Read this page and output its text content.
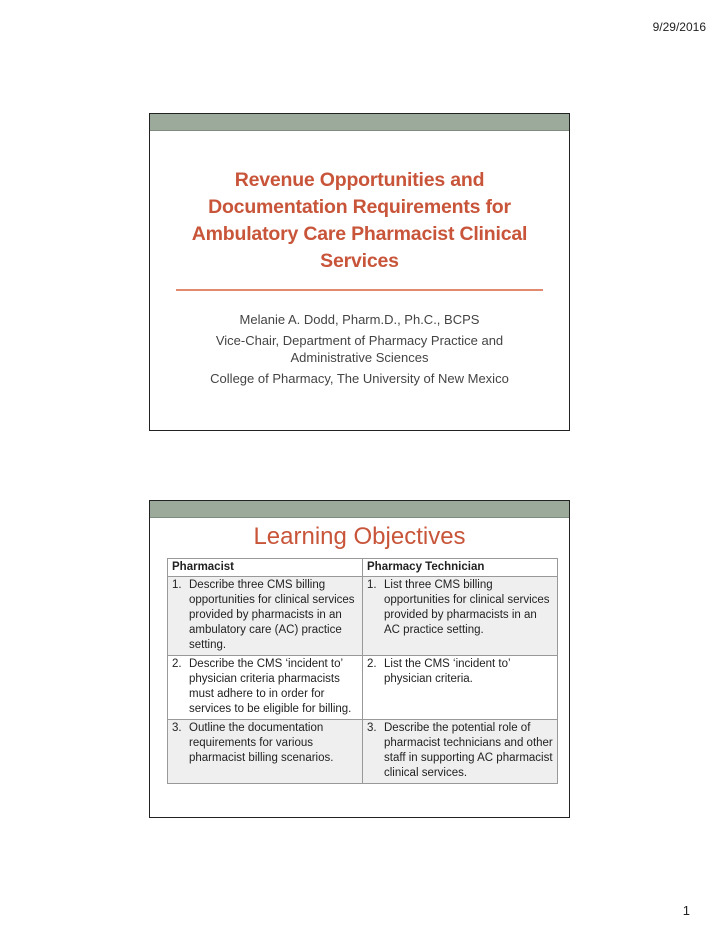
9/29/2016
Revenue Opportunities and Documentation Requirements for Ambulatory Care Pharmacist Clinical Services
Melanie A. Dodd, Pharm.D., Ph.C., BCPS
Vice-Chair, Department of Pharmacy Practice and Administrative Sciences
College of Pharmacy, The University of New Mexico
Learning Objectives
Pharmacist	Pharmacy Technician

1. Describe three CMS billing opportunities for clinical services provided by pharmacists in an ambulatory care (AC) practice setting.	1. List three CMS billing opportunities for clinical services provided by pharmacists in an AC practice setting.

2. Describe the CMS ‘incident to’ physician criteria pharmacists must adhere to in order for services to be eligible for billing.	2. List the CMS ‘incident to’ physician criteria.

3. Outline the documentation requirements for various pharmacist billing scenarios.	3. Describe the potential role of pharmacist technicians and other staff in supporting AC pharmacist clinical services.
1
